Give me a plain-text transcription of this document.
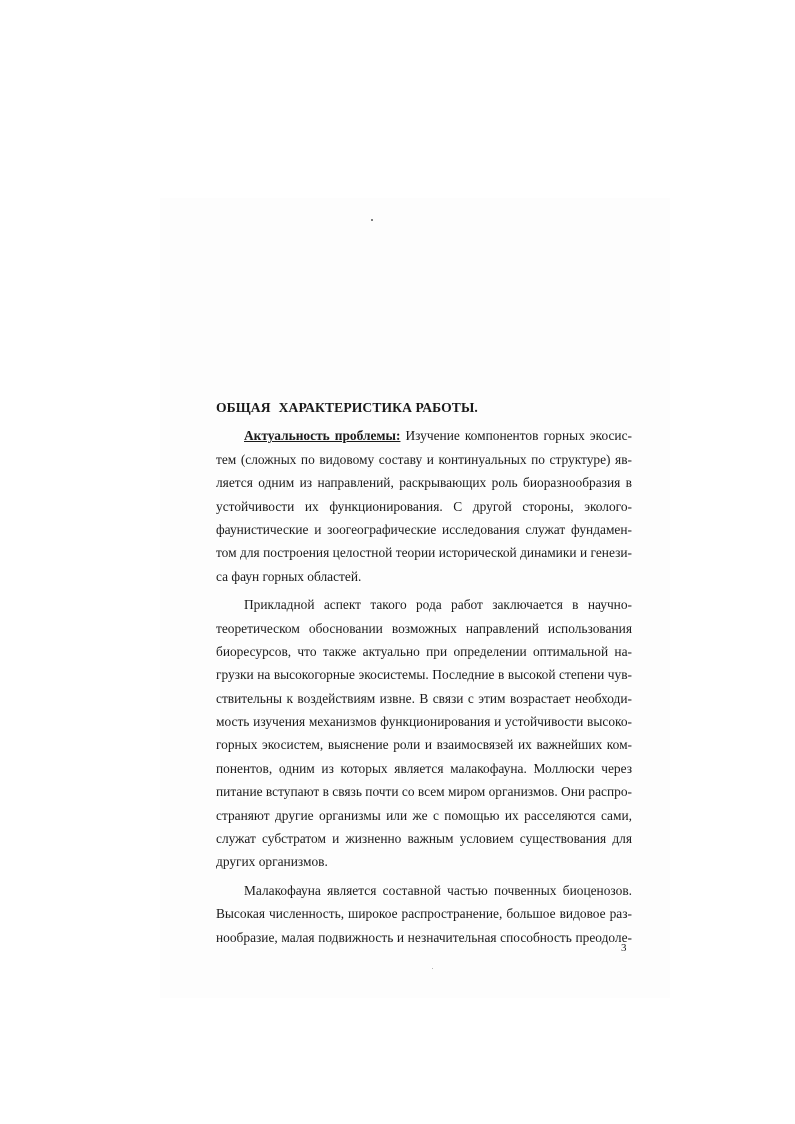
ОБЩАЯ ХАРАКТЕРИСТИКА РАБОТЫ.
Актуальность проблемы: Изучение компонентов горных экосис-
тем (сложных по видовому составу и континуальных по структуре) яв-
ляется одним из направлений, раскрывающих роль биоразнообразия в
устойчивости их функционирования. С другой стороны, эколого-
фаунистические и зоогеографические исследования служат фундамен-
том для построения целостной теории исторической динамики и генези-
са фаун горных областей.
Прикладной аспект такого рода работ заключается в научно-
теоретическом обосновании возможных направлений использования
биоресурсов, что также актуально при определении оптимальной на-
грузки на высокогорные экосистемы. Последние в высокой степени чув-
ствительны к воздействиям извне. В связи с этим возрастает необходи-
мость изучения механизмов функционирования и устойчивости высоко-
горных экосистем, выяснение роли и взаимосвязей их важнейших ком-
понентов, одним из которых является малакофауна. Моллюски через
питание вступают в связь почти со всем миром организмов. Они распро-
страняют другие организмы или же с помощью их расселяются сами,
служат субстратом и жизненно важным условием существования для
других организмов.
Малакофауна является составной частью почвенных биоценозов.
Высокая численность, широкое распространение, большое видовое раз-
нообразие, малая подвижность и незначительная способность преодоле-
3
